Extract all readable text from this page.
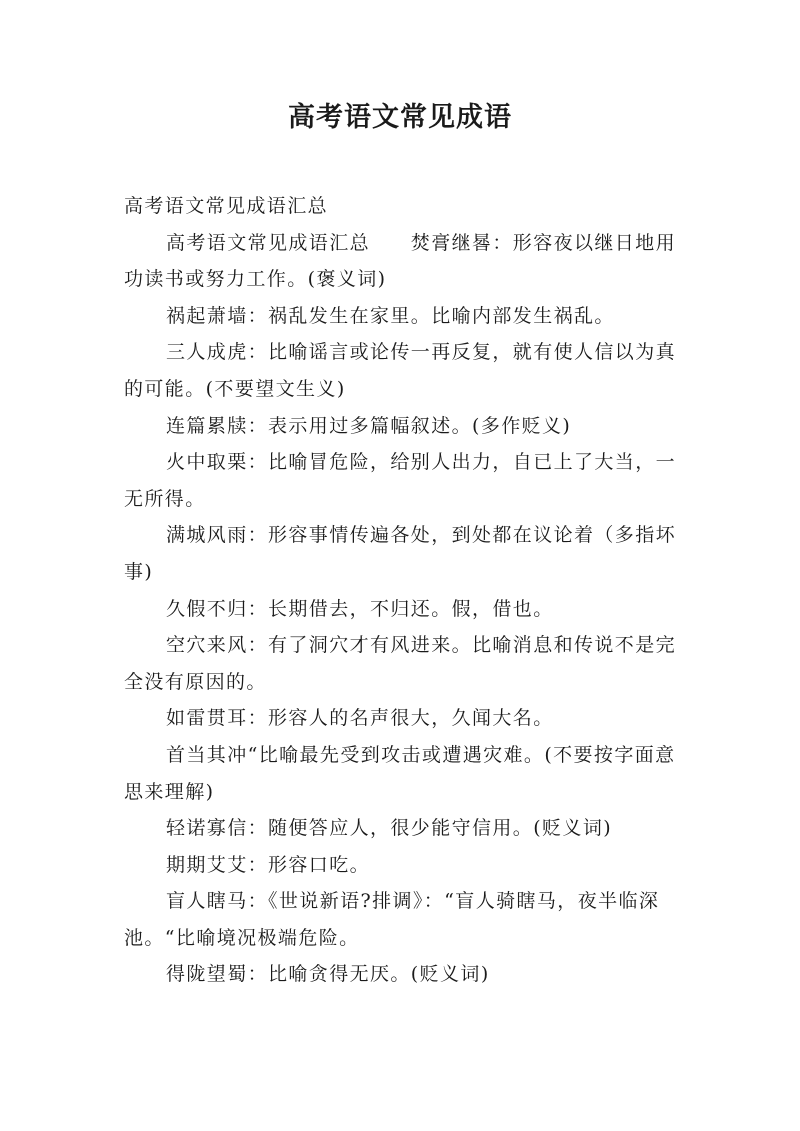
高考语文常见成语

高考语文常见成语汇总

高考语文常见成语汇总　　焚膏继晷：形容夜以继日地用功读书或努力工作。(褒义词)

祸起萧墙：祸乱发生在家里。比喻内部发生祸乱。

三人成虎：比喻谣言或论传一再反复，就有使人信以为真的可能。(不要望文生义)

连篇累牍：表示用过多篇幅叙述。(多作贬义)

火中取栗：比喻冒危险，给别人出力，自已上了大当，一无所得。

满城风雨：形容事情传遍各处，到处都在议论着（多指坏事)

久假不归：长期借去，不归还。假，借也。

空穴来风：有了洞穴才有风进来。比喻消息和传说不是完全没有原因的。

如雷贯耳：形容人的名声很大，久闻大名。

首当其冲“比喻最先受到攻击或遭遇灾难。(不要按字面意思来理解)

轻诺寡信：随便答应人，很少能守信用。(贬义词)

期期艾艾：形容口吃。

盲人瞎马：《世说新语?排调》：“盲人骑瞎马，夜半临深池。“比喻境况极端危险。

得陇望蜀：比喻贪得无厌。(贬义词)
